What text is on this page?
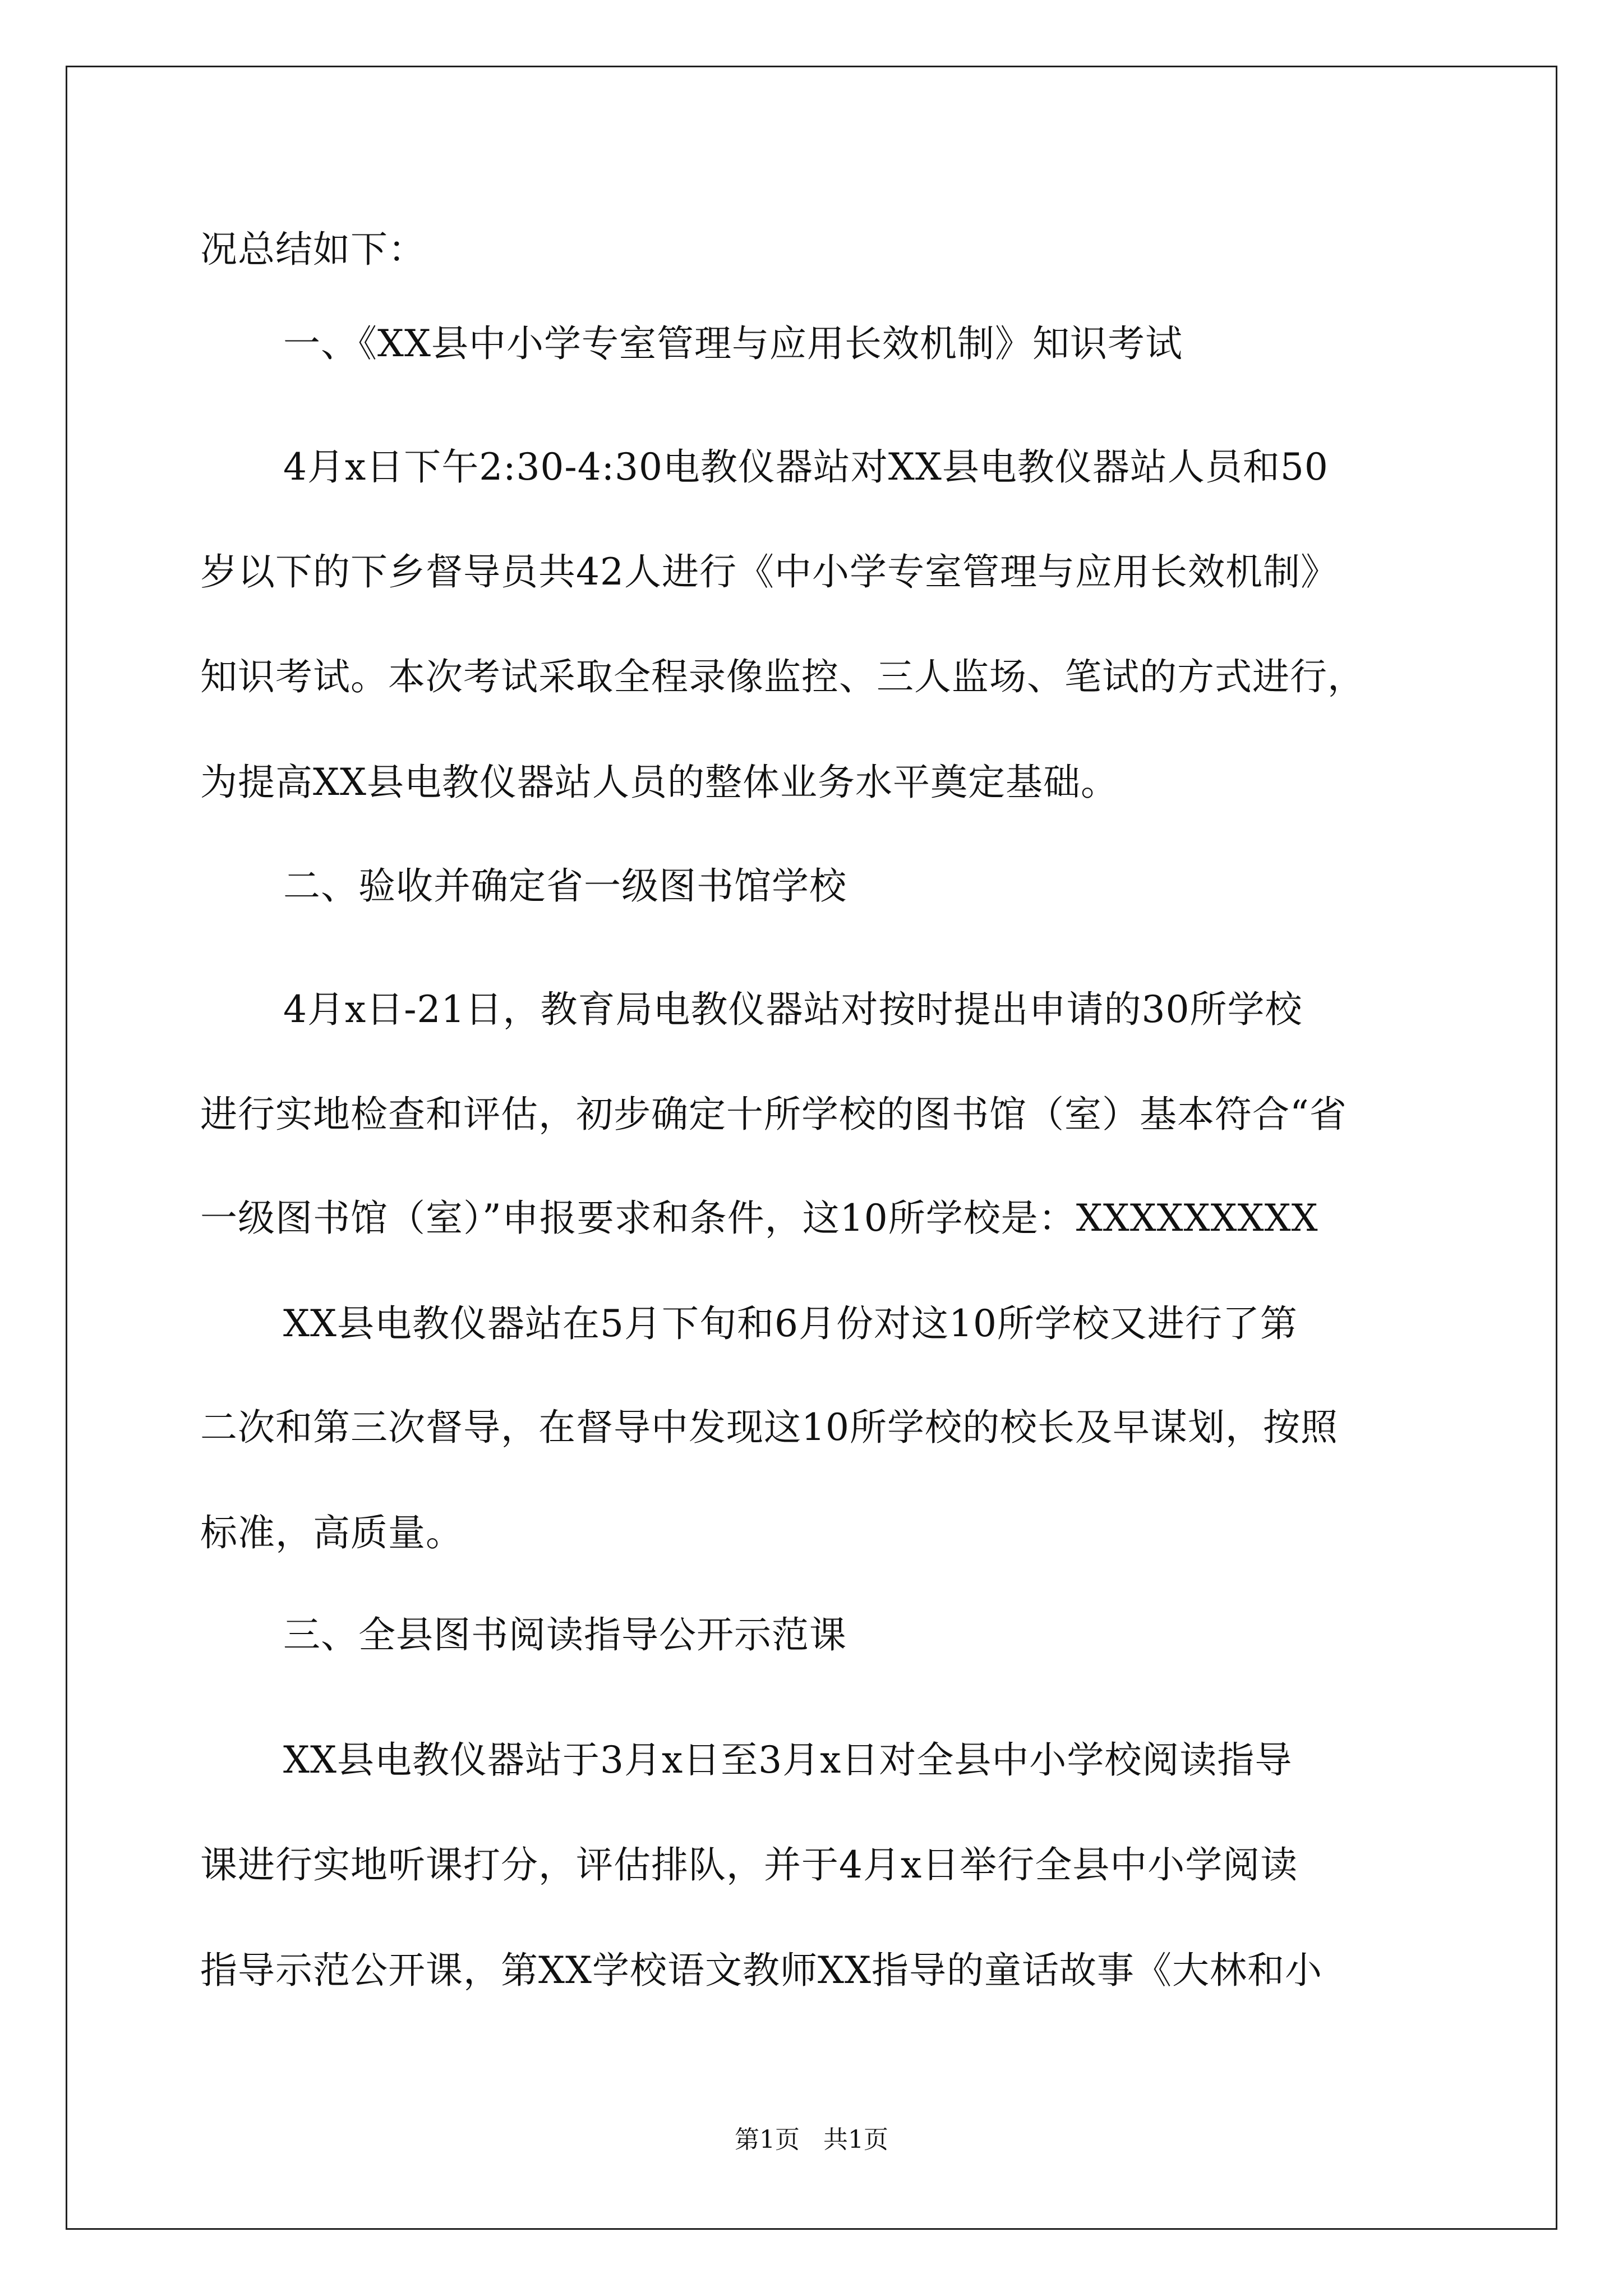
况总结如下：
一、《XX县中小学专室管理与应用长效机制》知识考试
4月x日下午2:30-4:30电教仪器站对XX县电教仪器站人员和50
岁以下的下乡督导员共42人进行《中小学专室管理与应用长效机制》
知识考试。本次考试采取全程录像监控、三人监场、笔试的方式进行，
为提高XX县电教仪器站人员的整体业务水平奠定基础。
二、验收并确定省一级图书馆学校
4月x日-21日，教育局电教仪器站对按时提出申请的30所学校
进行实地检查和评估，初步确定十所学校的图书馆（室）基本符合“省
一级图书馆（室）”申报要求和条件，这10所学校是：XXXXXXXXX
XX县电教仪器站在5月下旬和6月份对这10所学校又进行了第
二次和第三次督导，在督导中发现这10所学校的校长及早谋划，按照
标准，高质量。
三、全县图书阅读指导公开示范课
XX县电教仪器站于3月x日至3月x日对全县中小学校阅读指导
课进行实地听课打分，评估排队，并于4月x日举行全县中小学阅读
指导示范公开课，第XX学校语文教师XX指导的童话故事《大林和小
第1页   共1页
